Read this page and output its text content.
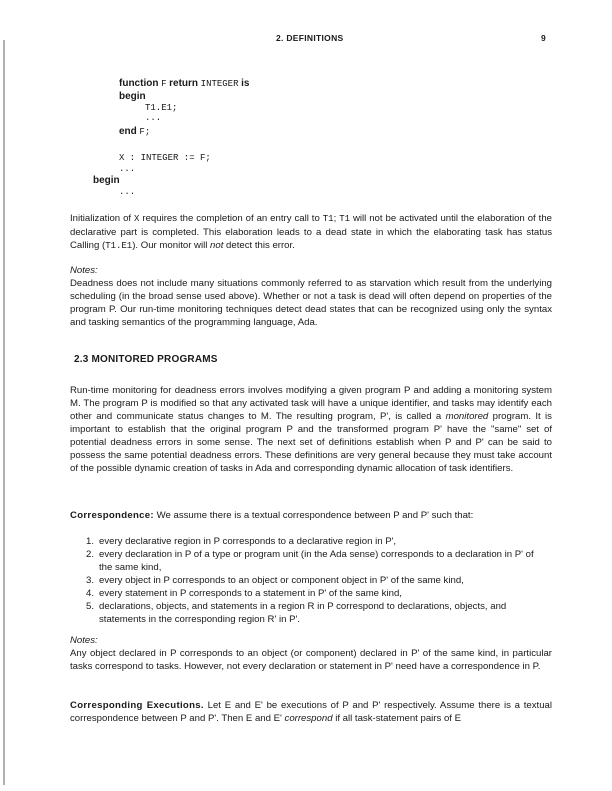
2. DEFINITIONS	9
function F return INTEGER is
begin
T1.E1;
...
end F;
X : INTEGER := F;
...
begin
...

Initialization of X requires the completion of an entry call to T1; T1 will not be activated until the elaboration of the declarative part is completed. This elaboration leads to a dead state in which the elaborating task has status Calling (T1.E1). Our monitor will not detect this error.

Notes:

Deadness does not include many situations commonly referred to as starvation which result from the underlying scheduling (in the broad sense used above). Whether or not a task is dead will often depend on properties of the program P. Our run-time monitoring techniques detect dead states that can be recognized using only the syntax and tasking semantics of the programming language, Ada.

2.3 MONITORED PROGRAMS

Run-time monitoring for deadness errors involves modifying a given program P and adding a monitoring system M. The program P is modified so that any activated task will have a unique identifier, and tasks may identify each other and communicate status changes to M. The resulting program, P', is called a monitored program. It is important to establish that the original program P and the transformed program P' have the "same" set of potential deadness errors in some sense. The next set of definitions establish when P and P' can be said to possess the same potential deadness errors. These definitions are very general because they must take account of the possible dynamic creation of tasks in Ada and corresponding dynamic allocation of task identifiers.

Correspondence: We assume there is a textual correspondence between P and P' such that:

1. every declarative region in P corresponds to a declarative region in P',
2. every declaration in P of a type or program unit (in the Ada sense) corresponds to a declaration in P' of the same kind,
3. every object in P corresponds to an object or component object in P' of the same kind,
4. every statement in P corresponds to a statement in P' of the same kind,
5. declarations, objects, and statements in a region R in P correspond to declarations, objects, and statements in the corresponding region R' in P'.

Notes:

Any object declared in P corresponds to an object (or component) declared in P' of the same kind, in particular tasks correspond to tasks. However, not every declaration or statement in P' need have a correspondence in P.

Corresponding Executions. Let E and E' be executions of P and P' respectively. Assume there is a textual correspondence between P and P'. Then E and E' correspond if all task-statement pairs of E
